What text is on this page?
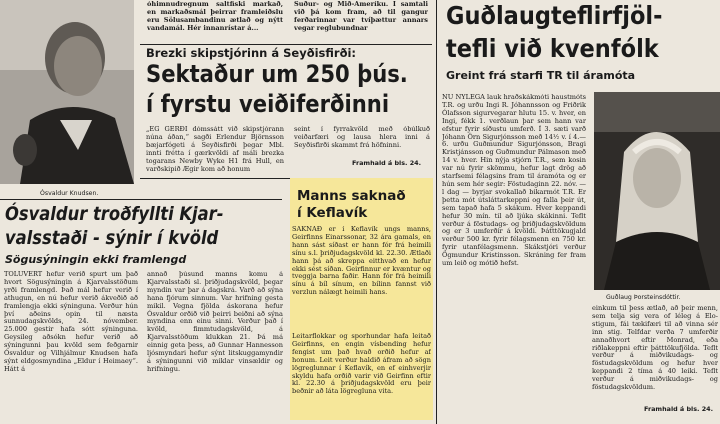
Ósvaldur Knudsen.
óhimnudregnum saltfiski markað, en markaðsmál þeirrar framleiðslu eru Sölusambandinu ætlað og nýtt vandamál. Hér innanrístar á...
Suður- og Mið-Ameríku. I samtali við þá kom fram, að til gangur ferðarinnar var tvíþættur annars vegar reglubundnar
Brezki skipstjórinn á Seyðisfirði:
Sektaður um 250 þús.
í fyrstu veiðiferðinni
„ÉG GERÐI dómssátt við skipstjórann núna áðan,“ sagði Erlendur Björnsson bæjarfógeti á Seyðisfirði þegar Mbl. innti frétta í gærkvöldi af máli brezka togarans Newby Wyke H1 frá Hull, en varðskipið Ægir kom að honum
seint í fyrrakvöld með óbúlkuð veiðarfæri og lausa hlera inni á Seyðisfirði skammt frá höfninni.
Framhald á bls. 24.
Ósvaldur troðfyllti Kjar-
valsstaði - sýnir í kvöld
Sögusýningin ekki framlengd
TÖLUVERT hefur verið spurt um það hvort Sögusýningin á Kjarvalsstöðum yrði framlengd. Það mál hefur verið í athugun, en nú hefur verið ákveðið að framlengja ekki sýninguna. Verður hún því aðeins opin til næsta sunnudagskvölds, 24. nóvember. 25.000 gestir hafa sótt sýninguna. Geysileg aðsókn hefur verið að sýningunni þau kvöld sem feðgarnir Ósvaldur og Vilhjálmur Knudsen hafa sýnt eldgosmyndina „Eldur í Heimaey“. Hátt á
annað þúsund manns komu á Kjarvalsstaði sl. þriðjudagskvöld, þegar myndin var þar á dagskrá. Varð að sýna hana fjórum sinnum. Var hrifning gesta mikil. Vegna fjölda áskorana hefur Ósvaldur orðið við þeirri beiðni að sýna myndina enn einu sinni. Verður það í kvöld, fimmtudagskvöld, á Kjarvalsstöðum klukkan 21. Þá má einnig geta þess, að Gunnar Hannesson ljósmyndari hefur sýnt litskuggamyndir á sýningunni við miklar vinsældir og hrifningu.
Manns saknað
í Keflavík
SAKNAÐ er í Keflavík ungs manns, Geirfinns Einarssonar, 32 ára gamals, en hann sást síðast er hann fór frá heimili sínu s.l. þriðjudagskvöld kl. 22.30. Ætlaði hann þá að skreppa eitthvað en hefur ekki sést síðan. Geirfinnur er kvæntur og tveggja barna faðir. Hann fór frá heimili sínu á bíl sínum, en bílinn fannst við verzlun nálægt heimili hans.
Leitarflokkar og sporhundar hafa leitað Geirfinns, en engin vísbending hefur fengist um það hvað orðið hefur af honum. Leit verður haldið áfram að sögn lögreglunnar í Keflavík, en ef einhverjir skyldu hafa orðið varir við Geirfinn eftir kl. 22.30 á þriðjudagskvöld eru þeir beðnir að láta lögregluna vita.
Guðlaugteflirfjöl-
tefli við kvenfólk
Greint frá starfi TR til áramóta
NÚ NÝLEGA lauk hraðskákmóti haustmóts T.R. og urðu Ingi R. Jóhannsson og Friðrik Ólafsson sigurvegarar hlutu 15. v. hver, en Ingi, fékk 1. verðlaun þar sem hann var efstur fyrir síðustu umferð. Í 3. sæti varð Jóhann Örn Sigurjónsson með 14½ v. í 4.—6. urðu Guðmundur Sigurjónsson, Bragi Kristjánsson og Guðmundur Pálmason með 14 v. hver. Hin nýja stjórn T.R., sem kosin var nú fyrir skömmu, hefur lagt drög að starfsemi félagsins fram til áramóta og er hún sem hér segir: Föstudaginn 22. nóv. — l dag — byrjar svokallað bikarmót T.R. Er þetta mót útsláttarkeppni og falla þeir út, sem tapað hafa 5 skákum. Hver keppandi hefur 30 mín. til að ljúka skákinni. Teflt verður á föstudags- og þriðjudagskvöldum og er 3 umferðir á kvöldi. Þátttökugjald verður 500 kr. fyrir félagsmenn en 750 kr. fyrir utanfélagsmenn. Skákstjóri verður Ögmundur Kristinsson. Skráning fer fram um leið og mótið hefst.
Guðlaug Þorsteinsdóttir.
einkum til þess ætlað, að þeir menn, sem telja sig vera of léleg á Elo-stigum, fái tækifæri til að vinna sér inn stig. Telfdar verða 7 umferðir annaðhvort eftir Monrad, eða riðlakeppni eftir þátttökufjölda. Teflt verður á miðvikudags- og föstudagskvöldum og hefur hver keppandi 2 tíma á 40 leiki. Teflt verður á miðvikudags- og föstudagskvöldum.
Framhald á bls. 24.
